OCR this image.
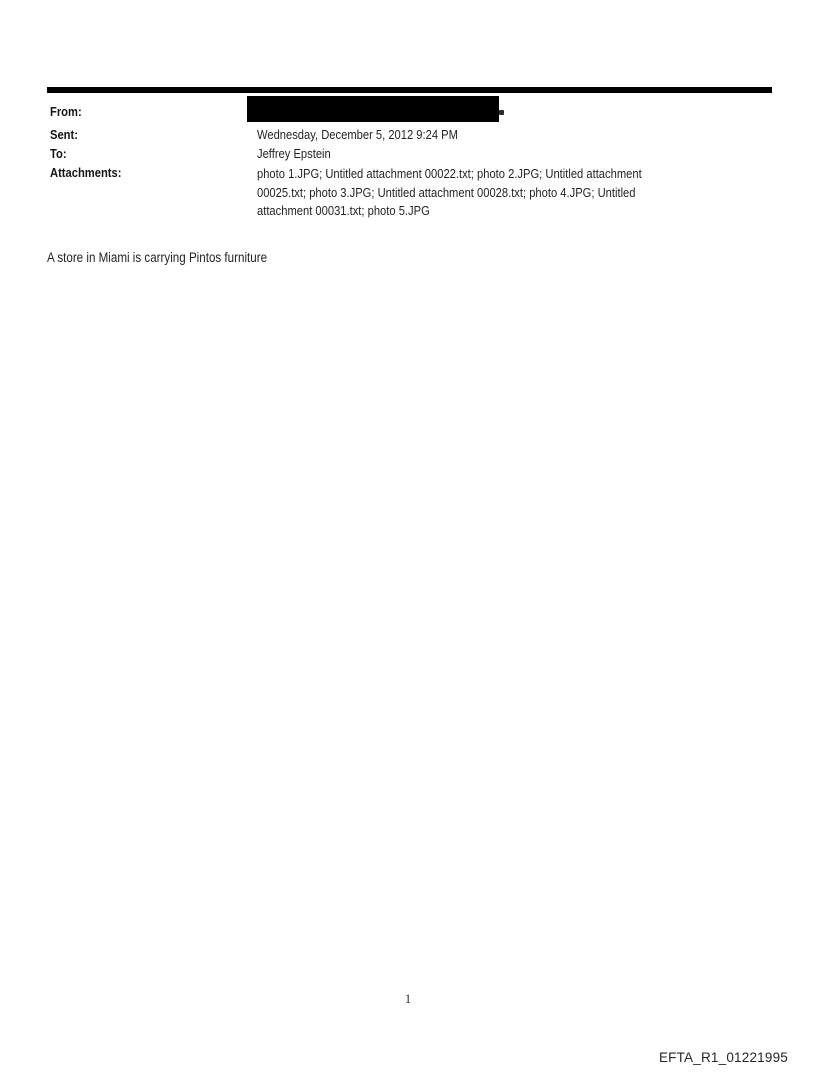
From:
Sent:	Wednesday, December 5, 2012 9:24 PM
To:	Jeffrey Epstein
Attachments:	photo 1.JPG; Untitled attachment 00022.txt; photo 2.JPG; Untitled attachment
00025.txt; photo 3.JPG; Untitled attachment 00028.txt; photo 4.JPG; Untitled
attachment 00031.txt; photo 5.JPG

A store in Miami is carrying Pintos furniture

1
EFTA_R1_01221995
